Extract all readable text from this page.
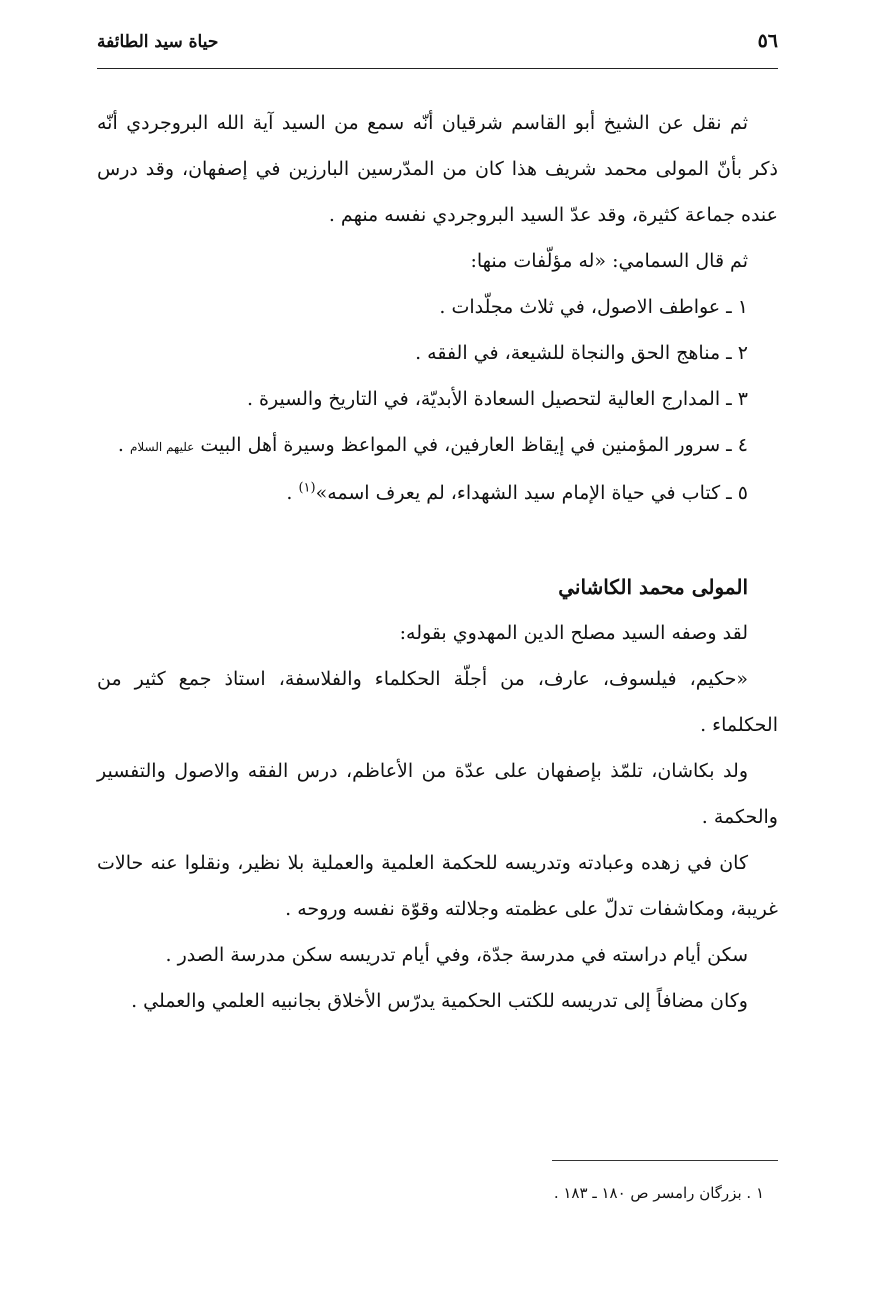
٥٦
حياة سيد الطائفة

ثم نقل عن الشيخ أبو القاسم شرقيان أنّه سمع من السيد آية الله البروجردي أنّه ذكر بأنّ المولى محمد شريف هذا كان من المدّرسين البارزين في إصفهان، وقد درس عنده جماعة كثيرة، وقد عدّ السيد البروجردي نفسه منهم .

ثم قال السمامي: «له مؤلّفات منها:

١ ـ عواطف الاصول، في ثلاث مجلّدات .

٢ ـ مناهج الحق والنجاة للشيعة، في الفقه .

٣ ـ المدارج العالية لتحصيل السعادة الأبديّة، في التاريخ والسيرة .

٤ ـ سرور المؤمنين في إيقاظ العارفين، في المواعظ وسيرة أهل البيت عليهم السلام .

٥ ـ كتاب في حياة الإمام سيد الشهداء، لم يعرف اسمه»$^{(١)}$ .

المولى محمد الكاشاني

لقد وصفه السيد مصلح الدين المهدوي بقوله:

«حكيم، فيلسوف، عارف، من أجلّة الحكلماء والفلاسفة، استاذ جمع كثير من الحكلماء .

ولد بكاشان، تلمّذ بإصفهان على عدّة من الأعاظم، درس الفقه والاصول والتفسير والحكمة .

كان في زهده وعبادته وتدريسه للحكمة العلمية والعملية بلا نظير، ونقلوا عنه حالات غريبة، ومكاشفات تدلّ على عظمته وجلالته وقوّة نفسه وروحه .

سكن أيام دراسته في مدرسة جدّة، وفي أيام تدريسه سكن مدرسة الصدر .

وكان مضافاً إلى تدريسه للكتب الحكمية يدرّس الأخلاق بجانبيه العلمي والعملي .

١ . بزرگان رامسر ص ١٨٠ ـ ١٨٣ .
